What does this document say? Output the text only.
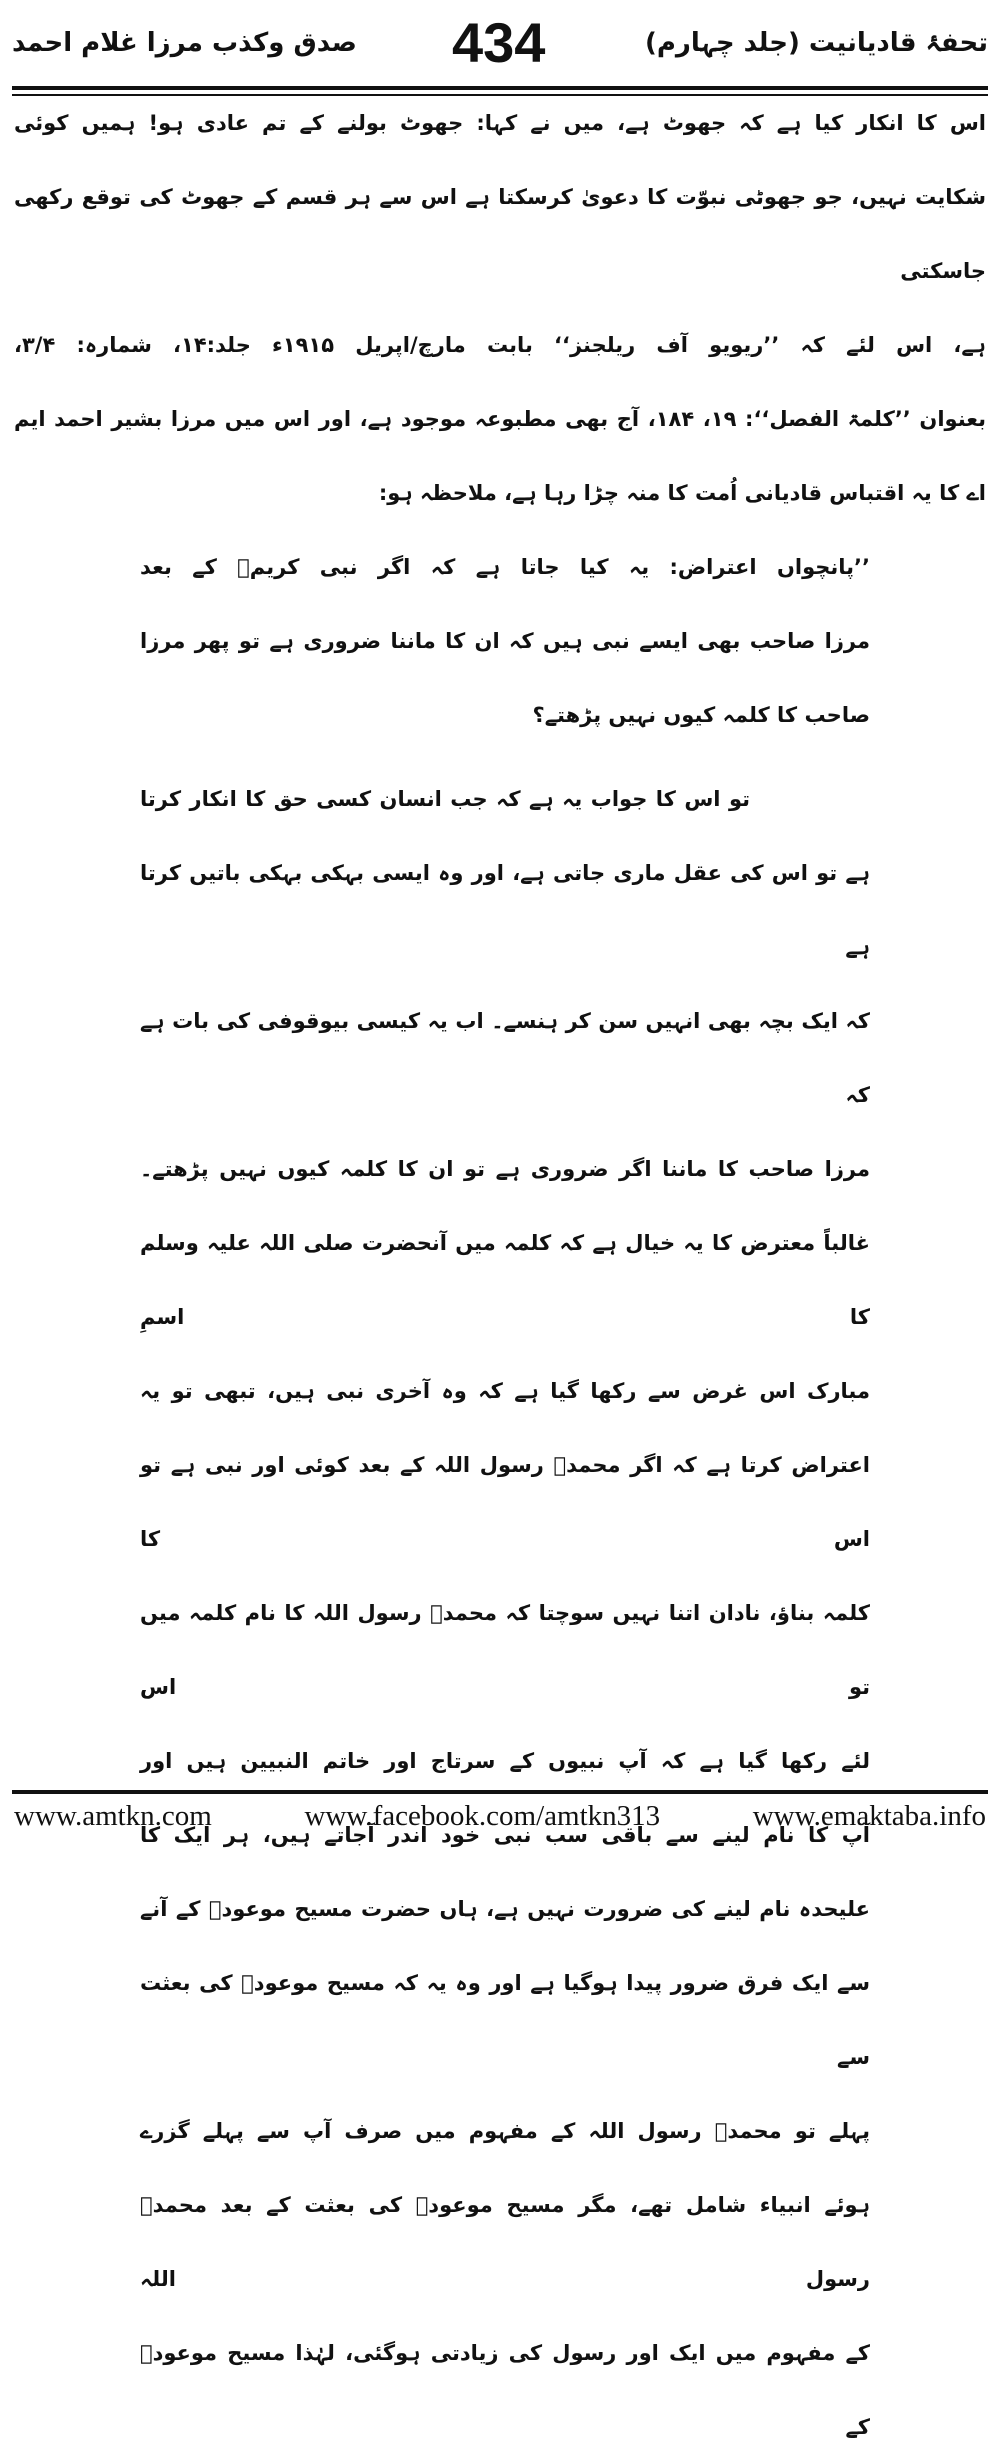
تحفۂ قادیانیت (جلد چہارم)
434
صدق وکذب مرزا غلام احمد
اس کا انکار کیا ہے کہ جھوٹ ہے، میں نے کہا: جھوٹ بولنے کے تم عادی ہو! ہمیں کوئی
شکایت نہیں، جو جھوٹی نبوّت کا دعویٰ کرسکتا ہے اس سے ہر قسم کے جھوٹ کی توقع رکھی جاسکتی
ہے، اس لئے کہ ’’ریویو آف ریلجنز‘‘ بابت مارچ/اپریل ۱۹۱۵ء جلد:۱۴، شمارہ: ۳/۴،
بعنوان ’’کلمۃ الفصل‘‘: ۱۹، ۱۸۴، آج بھی مطبوعہ موجود ہے، اور اس میں مرزا بشیر احمد ایم
اے کا یہ اقتباس قادیانی اُمت کا منہ چڑا رہا ہے، ملاحظہ ہو:
’’پانچواں اعتراض: یہ کیا جاتا ہے کہ اگر نبی کریمؐ کے بعد
مرزا صاحب بھی ایسے نبی ہیں کہ ان کا ماننا ضروری ہے تو پھر مرزا
صاحب کا کلمہ کیوں نہیں پڑھتے؟
تو اس کا جواب یہ ہے کہ جب انسان کسی حق کا انکار کرتا
ہے تو اس کی عقل ماری جاتی ہے، اور وہ ایسی بہکی بہکی باتیں کرتا ہے
کہ ایک بچہ بھی انہیں سن کر ہنسے۔ اب یہ کیسی بیوقوفی کی بات ہے کہ
مرزا صاحب کا ماننا اگر ضروری ہے تو ان کا کلمہ کیوں نہیں پڑھتے۔
غالباً معترض کا یہ خیال ہے کہ کلمہ میں آنحضرت صلی اللہ علیہ وسلم کا اسمِ
مبارک اس غرض سے رکھا گیا ہے کہ وہ آخری نبی ہیں، تبھی تو یہ
اعتراض کرتا ہے کہ اگر محمدؐ رسول اللہ کے بعد کوئی اور نبی ہے تو اس کا
کلمہ بناؤ، نادان اتنا نہیں سوچتا کہ محمدؐ رسول اللہ کا نام کلمہ میں تو اس
لئے رکھا گیا ہے کہ آپ نبیوں کے سرتاج اور خاتم النبیین ہیں اور
آپ کا نام لینے سے باقی سب نبی خود اندر آجاتے ہیں، ہر ایک کا
علیحدہ نام لینے کی ضرورت نہیں ہے، ہاں حضرت مسیح موعودؑ کے آنے
سے ایک فرق ضرور پیدا ہوگیا ہے اور وہ یہ کہ مسیح موعودؑ کی بعثت سے
پہلے تو محمدؐ رسول اللہ کے مفہوم میں صرف آپ سے پہلے گزرے
ہوئے انبیاء شامل تھے، مگر مسیح موعودؑ کی بعثت کے بعد محمدؐ رسول اللہ
کے مفہوم میں ایک اور رسول کی زیادتی ہوگئی، لہٰذا مسیح موعودؑ کے
www.amtkn.com	www.facebook.com/amtkn313	www.emaktaba.info
